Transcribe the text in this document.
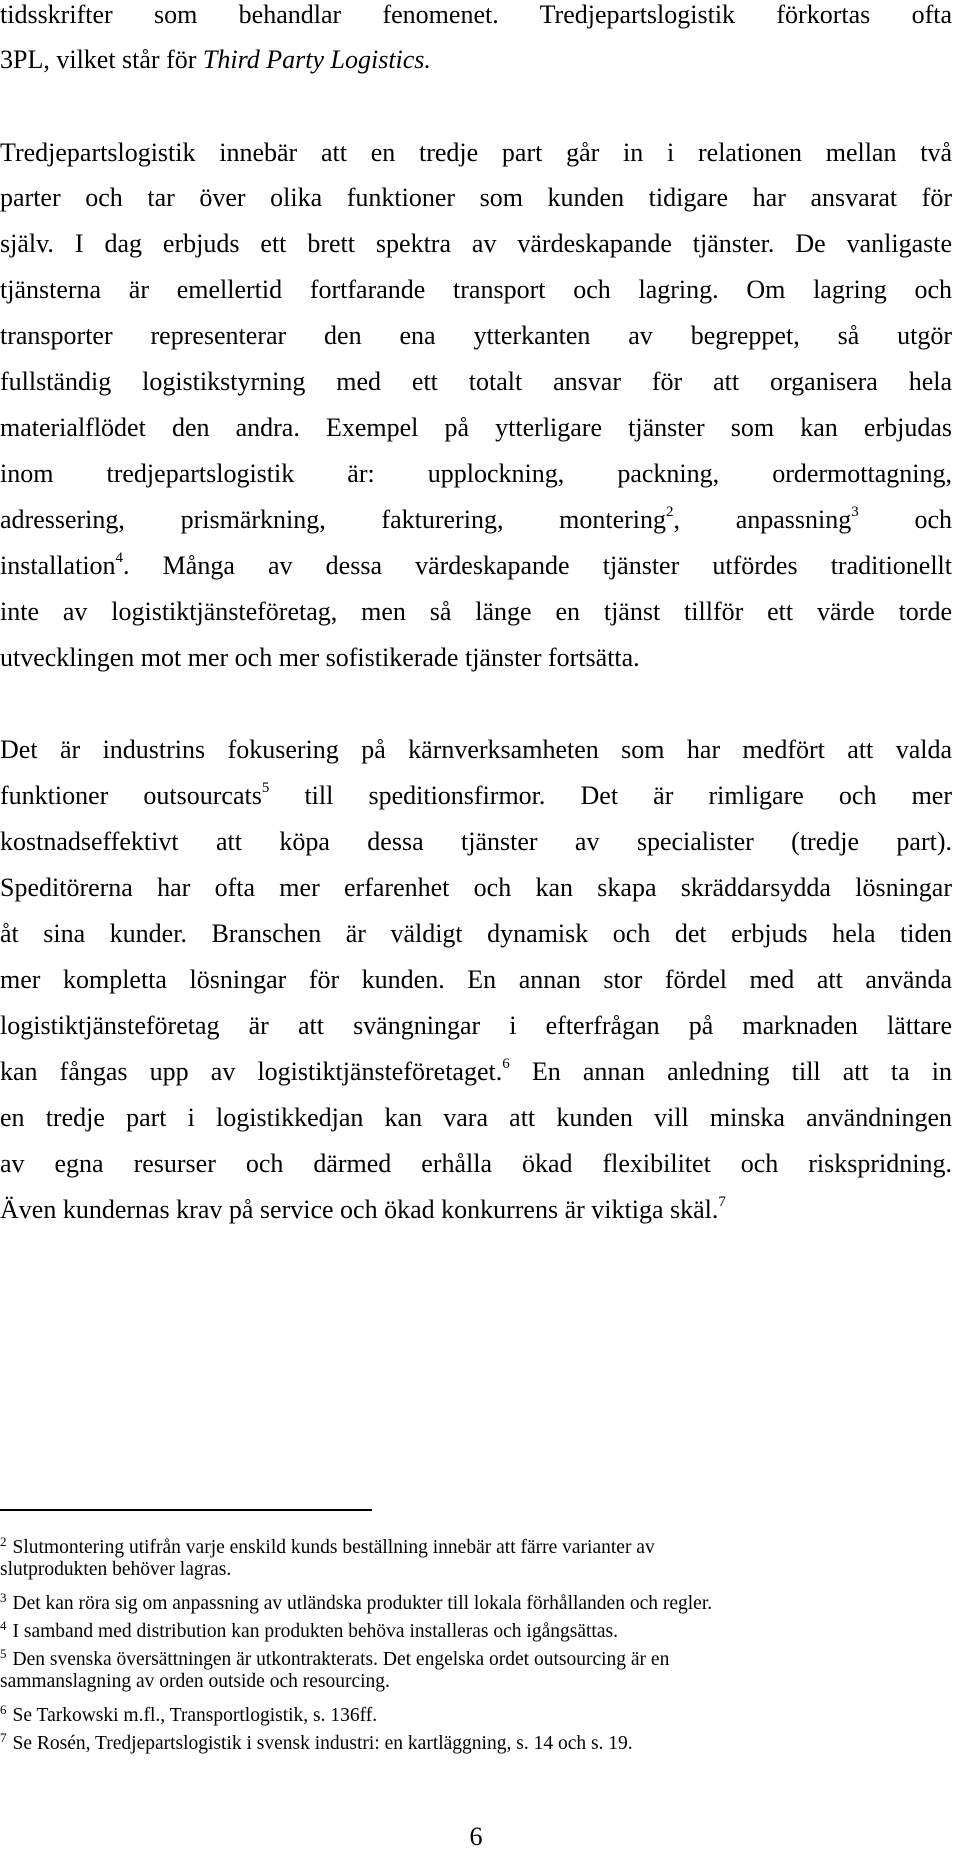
tidsskrifter som behandlar fenomenet. Tredjepartslogistik förkortas ofta
3PL, vilket står för Third Party Logistics.
Tredjepartslogistik innebär att en tredje part går in i relationen mellan två
parter och tar över olika funktioner som kunden tidigare har ansvarat för
själv. I dag erbjuds ett brett spektra av värdeskapande tjänster. De vanligaste
tjänsterna är emellertid fortfarande transport och lagring. Om lagring och
transporter representerar den ena ytterkanten av begreppet, så utgör
fullständig logistikstyrning med ett totalt ansvar för att organisera hela
materialflödet den andra. Exempel på ytterligare tjänster som kan erbjudas
inom tredjepartslogistik är: upplockning, packning, ordermottagning,
adressering, prismärkning, fakturering, montering$^2$, anpassning$^3$ och
installation$^4$. Många av dessa värdeskapande tjänster utfördes traditionellt
inte av logistiktjänsteföretag, men så länge en tjänst tillför ett värde torde
utvecklingen mot mer och mer sofistikerade tjänster fortsätta.
Det är industrins fokusering på kärnverksamheten som har medfört att valda
funktioner outsourcats$^5$ till speditionsfirmor. Det är rimligare och mer
kostnadseffektivt att köpa dessa tjänster av specialister (tredje part).
Speditörerna har ofta mer erfarenhet och kan skapa skräddarsydda lösningar
åt sina kunder. Branschen är väldigt dynamisk och det erbjuds hela tiden
mer kompletta lösningar för kunden. En annan stor fördel med att använda
logistiktjänsteföretag är att svängningar i efterfrågan på marknaden lättare
kan fångas upp av logistiktjänsteföretaget.$^6$ En annan anledning till att ta in
en tredje part i logistikkedjan kan vara att kunden vill minska användningen
av egna resurser och därmed erhålla ökad flexibilitet och riskspridning.
Även kundernas krav på service och ökad konkurrens är viktiga skäl.$^7$
$^2$ Slutmontering utifrån varje enskild kunds beställning innebär att färre varianter av
slutprodukten behöver lagras.
$^3$ Det kan röra sig om anpassning av utländska produkter till lokala förhållanden och regler.
$^4$ I samband med distribution kan produkten behöva installeras och igångsättas.
$^5$ Den svenska översättningen är utkontrakterats. Det engelska ordet outsourcing är en
sammanslagning av orden outside och resourcing.
$^6$ Se Tarkowski m.fl., Transportlogistik, s. 136ff.
$^7$ Se Rosén, Tredjepartslogistik i svensk industri: en kartläggning, s. 14 och s. 19.
6
